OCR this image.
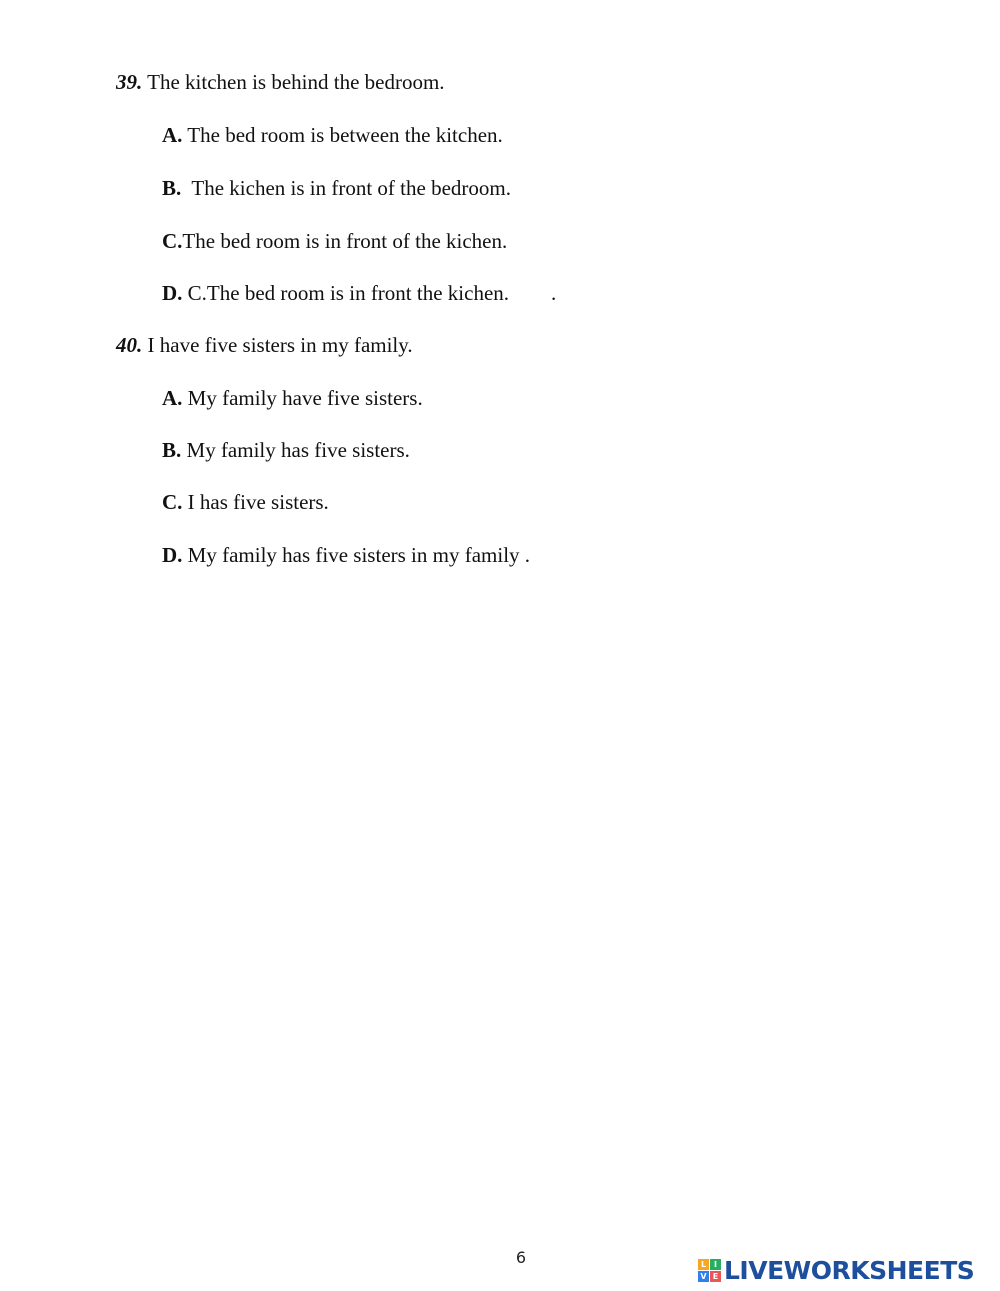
39. The kitchen is behind the bedroom.
A. The bed room is between the kitchen.
B.  The kichen is in front of the bedroom.
C.The bed room is in front of the kichen.
D. C.The bed room is in front the kichen.        .
40. I have five sisters in my family.
A. My family have five sisters.
B. My family has five sisters.
C. I has five sisters.
D. My family has five sisters in my family .
6	L I
V E LIVEWORKSHEETS
